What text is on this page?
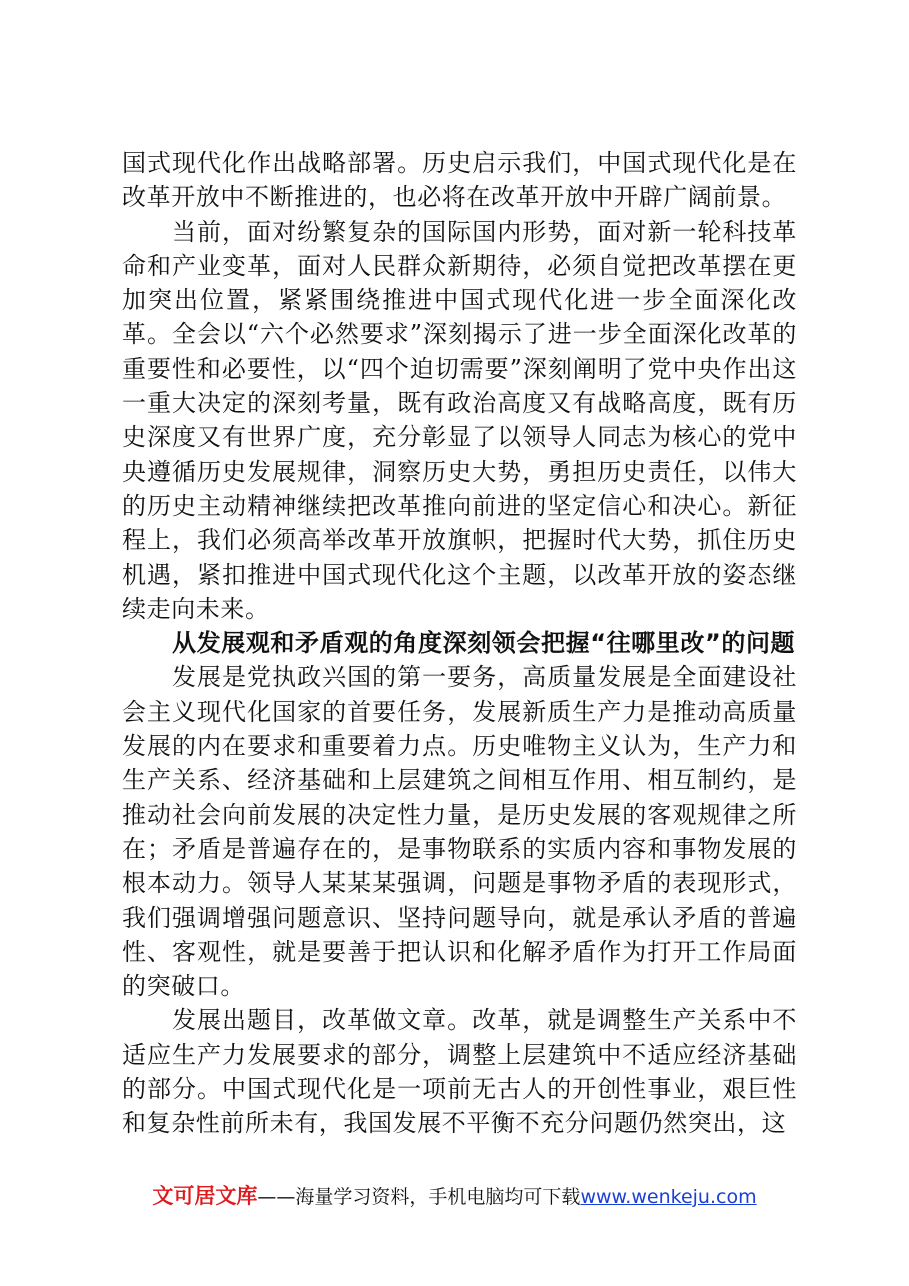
国式现代化作出战略部署。历史启示我们，中国式现代化是在改革开放中不断推进的，也必将在改革开放中开辟广阔前景。

当前，面对纷繁复杂的国际国内形势，面对新一轮科技革命和产业变革，面对人民群众新期待，必须自觉把改革摆在更加突出位置，紧紧围绕推进中国式现代化进一步全面深化改革。全会以“六个必然要求”深刻揭示了进一步全面深化改革的重要性和必要性，以“四个迫切需要”深刻阐明了党中央作出这一重大决定的深刻考量，既有政治高度又有战略高度，既有历史深度又有世界广度，充分彰显了以领导人同志为核心的党中央遵循历史发展规律，洞察历史大势，勇担历史责任，以伟大的历史主动精神继续把改革推向前进的坚定信心和决心。新征程上，我们必须高举改革开放旗帜，把握时代大势，抓住历史机遇，紧扣推进中国式现代化这个主题，以改革开放的姿态继续走向未来。

从发展观和矛盾观的角度深刻领会把握“往哪里改”的问题

发展是党执政兴国的第一要务，高质量发展是全面建设社会主义现代化国家的首要任务，发展新质生产力是推动高质量发展的内在要求和重要着力点。历史唯物主义认为，生产力和生产关系、经济基础和上层建筑之间相互作用、相互制约，是推动社会向前发展的决定性力量，是历史发展的客观规律之所在；矛盾是普遍存在的，是事物联系的实质内容和事物发展的根本动力。领导人某某某强调，问题是事物矛盾的表现形式，我们强调增强问题意识、坚持问题导向，就是承认矛盾的普遍性、客观性，就是要善于把认识和化解矛盾作为打开工作局面的突破口。

发展出题目，改革做文章。改革，就是调整生产关系中不适应生产力发展要求的部分，调整上层建筑中不适应经济基础的部分。中国式现代化是一项前无古人的开创性事业，艰巨性和复杂性前所未有，我国发展不平衡不充分问题仍然突出，这

文可居文库——海量学习资料，手机电脑均可下载www.wenkeju.com
